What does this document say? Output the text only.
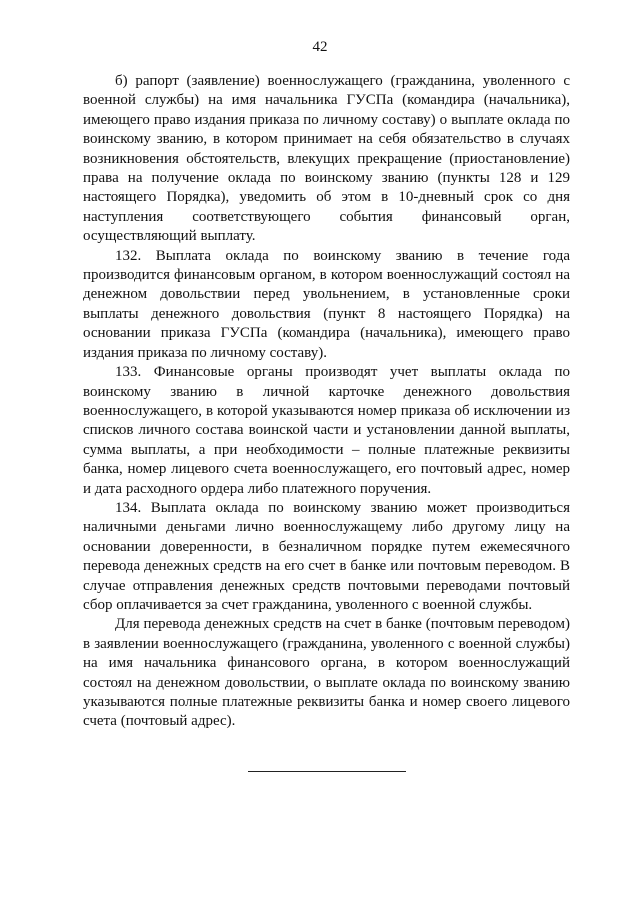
42

б) рапорт (заявление) военнослужащего (гражданина, уволенного с военной службы) на имя начальника ГУСПа (командира (начальника), имеющего право издания приказа по личному составу) о выплате оклада по воинскому званию, в котором принимает на себя обязательство в случаях возникновения обстоятельств, влекущих прекращение (приостановление) права на получение оклада по воинскому званию (пункты 128 и 129 настоящего Порядка), уведомить об этом в 10-дневный срок со дня наступления соответствующего события финансовый орган, осуществляющий выплату.

132. Выплата оклада по воинскому званию в течение года производится финансовым органом, в котором военнослужащий состоял на денежном довольствии перед увольнением, в установленные сроки выплаты денежного довольствия (пункт 8 настоящего Порядка) на основании приказа ГУСПа (командира (начальника), имеющего право издания приказа по личному составу).

133. Финансовые органы производят учет выплаты оклада по воинскому званию в личной карточке денежного довольствия военнослужащего, в которой указываются номер приказа об исключении из списков личного состава воинской части и установлении данной выплаты, сумма выплаты, а при необходимости – полные платежные реквизиты банка, номер лицевого счета военнослужащего, его почтовый адрес, номер и дата расходного ордера либо платежного поручения.

134. Выплата оклада по воинскому званию может производиться наличными деньгами лично военнослужащему либо другому лицу на основании доверенности, в безналичном порядке путем ежемесячного перевода денежных средств на его счет в банке или почтовым переводом. В случае отправления денежных средств почтовыми переводами почтовый сбор оплачивается за счет гражданина, уволенного с военной службы.

Для перевода денежных средств на счет в банке (почтовым переводом) в заявлении военнослужащего (гражданина, уволенного с военной службы) на имя начальника финансового органа, в котором военнослужащий состоял на денежном довольствии, о выплате оклада по воинскому званию указываются полные платежные реквизиты банка и номер своего лицевого счета (почтовый адрес).
